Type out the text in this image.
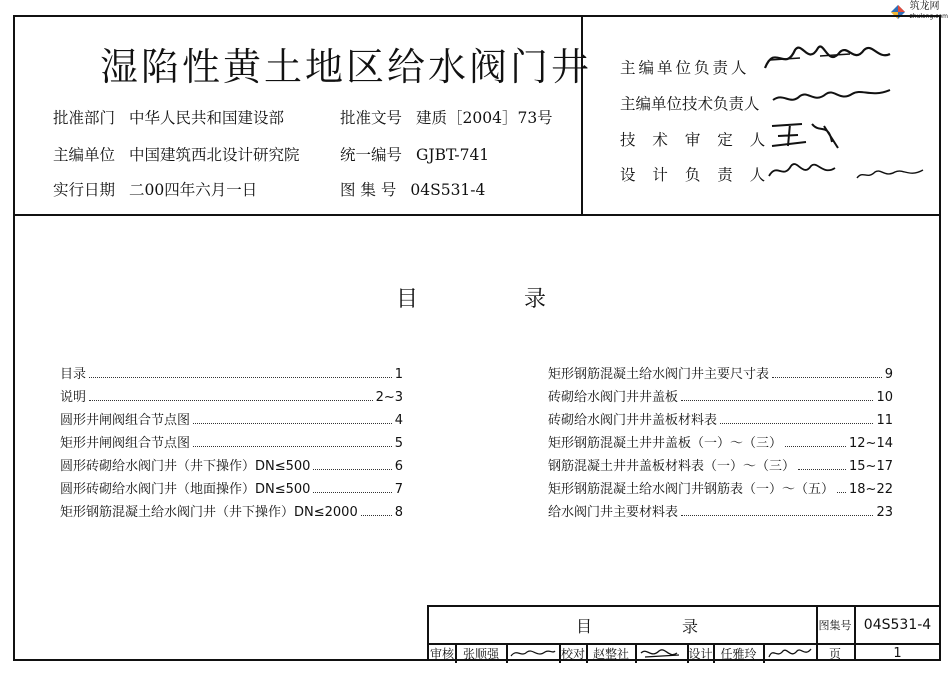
筑龙网
zhulong.com
湿陷性黄土地区给水阀门井
批准部门 中华人民共和国建设部
主编单位 中国建筑西北设计研究院
实行日期 二00四年六月一日
批准文号 建质［2004］73号
统一编号 GJBT-741
图 集 号 04S531-4
主编单位负责人
主编单位技术负责人
技 术 审 定 人
设 计 负 责 人
目	录
目录	1
说明	2~3
圆形井闸阀组合节点图	4
矩形井闸阀组合节点图	5
圆形砖砌给水阀门井（井下操作）DN≤500	6
圆形砖砌给水阀门井（地面操作）DN≤500	7
矩形钢筋混凝土给水阀门井（井下操作）DN≤2000	8
矩形钢筋混凝土给水阀门井主要尺寸表	9
砖砌给水阀门井井盖板	10
砖砌给水阀门井井盖板材料表	11
矩形钢筋混凝土井井盖板（一）～（三）	12~14
钢筋混凝土井井盖板材料表（一）～（三）	15~17
矩形钢筋混凝土给水阀门井钢筋表（一）～（五） 18~22
给水阀门井主要材料表	23
目	录	图集号 04S531-4
审核 张顺强	校对 赵整社	设计 任雅玲	页	1
